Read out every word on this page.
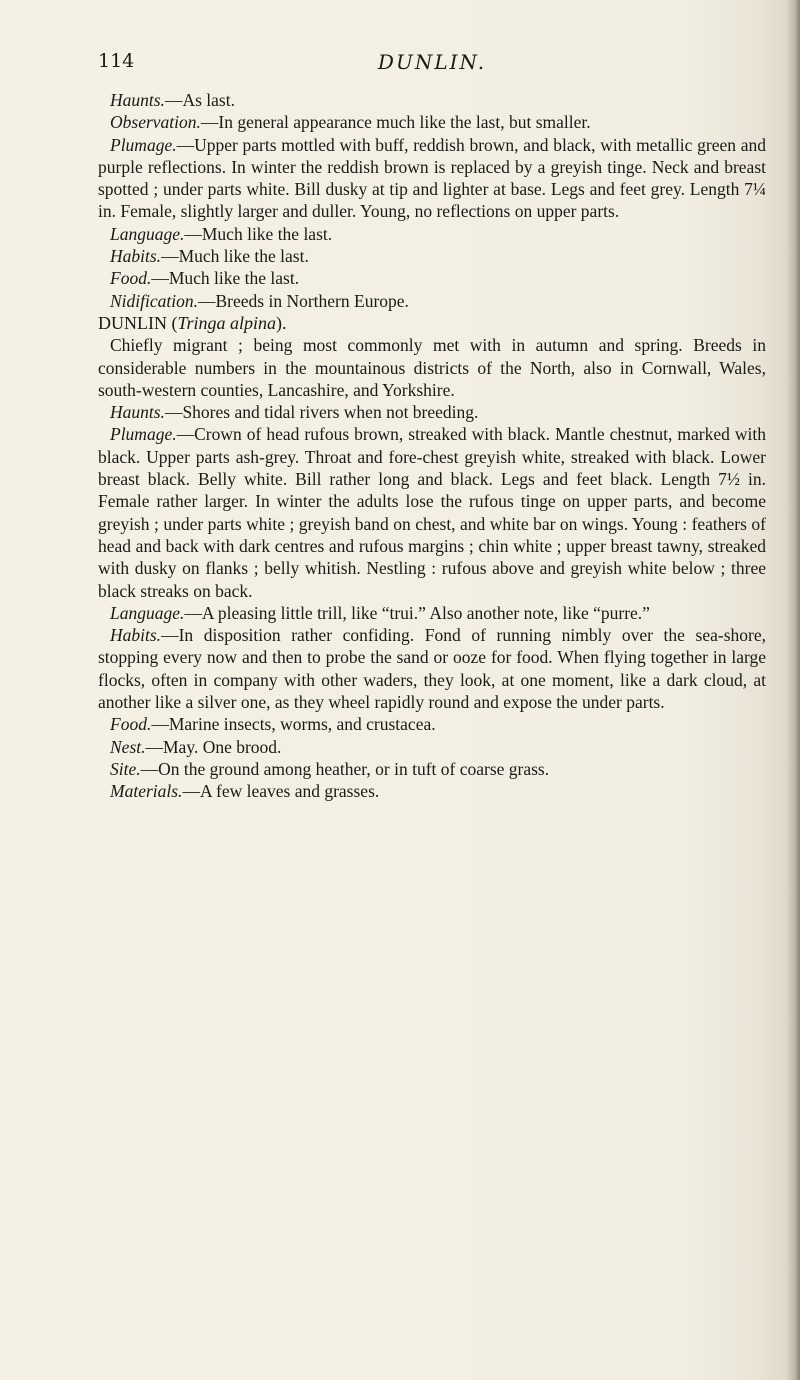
114	DUNLIN.

Haunts.—As last.

Observation.—In general appearance much like the last, but smaller.

Plumage.—Upper parts mottled with buff, reddish brown, and black, with metallic green and purple reflections. In winter the reddish brown is replaced by a greyish tinge. Neck and breast spotted ; under parts white. Bill dusky at tip and lighter at base. Legs and feet grey. Length 7¼ in. Female, slightly larger and duller. Young, no reflections on upper parts.

Language.—Much like the last.

Habits.—Much like the last.

Food.—Much like the last.

Nidification.—Breeds in Northern Europe.

DUNLIN (Tringa alpina).

Chiefly migrant ; being most commonly met with in autumn and spring. Breeds in considerable numbers in the mountainous districts of the North, also in Cornwall, Wales, south-western counties, Lancashire, and Yorkshire.

Haunts.—Shores and tidal rivers when not breeding.

Plumage.—Crown of head rufous brown, streaked with black. Mantle chestnut, marked with black. Upper parts ash-grey. Throat and fore-chest greyish white, streaked with black. Lower breast black. Belly white. Bill rather long and black. Legs and feet black. Length 7½ in. Female rather larger. In winter the adults lose the rufous tinge on upper parts, and become greyish ; under parts white ; greyish band on chest, and white bar on wings. Young : feathers of head and back with dark centres and rufous margins ; chin white ; upper breast tawny, streaked with dusky on flanks ; belly whitish. Nestling : rufous above and greyish white below ; three black streaks on back.

Language.—A pleasing little trill, like “trui.” Also another note, like “purre.”

Habits.—In disposition rather confiding. Fond of running nimbly over the sea-shore, stopping every now and then to probe the sand or ooze for food. When flying together in large flocks, often in company with other waders, they look, at one moment, like a dark cloud, at another like a silver one, as they wheel rapidly round and expose the under parts.

Food.—Marine insects, worms, and crustacea.

Nest.—May. One brood.

Site.—On the ground among heather, or in tuft of coarse grass.

Materials.—A few leaves and grasses.
